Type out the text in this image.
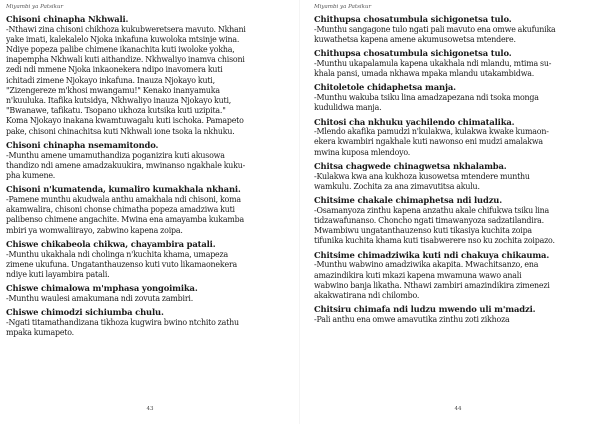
Miyambi ya Patsikur
Chisoni chinapha Nkhwali.
-Nthawi zina chisoni chikhoza kukubweretsera mavuto. Nkhani
yake imati, kalekalelo Njoka inkafuna kuwoloka mtsinje wina.
Ndiye popeza palibe chimene ikanachita kuti iwoloke yokha,
inapempha Nkhwali kuti aithandize. Nkhwaliyo inamva chisoni
zedi ndi mmene Njoka inkaonekera ndipo inavomera kuti
ichitadi zimene Njokayo inkafuna. Inauza Njokayo kuti,
"Zizengereze m'khosi mwangamu!" Kenako inanyamuka
n'kuuluka. Itafika kutsidya, Nkhwaliyo inauza Njokayo kuti,
"Bwanawe, tafikatu. Tsopano ukhoza kutsika kuti uzipita."
Koma Njokayo inakana kwamtuwagalu kuti ischoka. Pamapeto
pake, chisoni chinachitsa kuti Nkhwali ione tsoka la nkhuku.
Chisoni chinapha nsemamitondo.
-Munthu amene umamuthandiza poganizira kuti akusowa
thandizo ndi amene amadzakuukira, mwinanso ngakhale kuku-
pha kumene.
Chisoni n'kumatenda, kumaliro kumakhala nkhani.
-Pamene munthu akudwala anthu amakhala ndi chisoni, koma
akamwalira, chisoni chonse chimatha popeza amadziwa kuti
palibenso chimene angachite. Mwina ena amayamba kukamba
mbiri ya womwaliirayo, zabwino kapena zoipa.
Chiswe chikabeola chikwa, chayambira patali.
-Munthu ukakhala ndi cholinga n'kuchita khama, umapeza
zimene ukufuna. Ungatanthauzenso kuti vuto likamaonekera
ndiye kuti layambira patali.
Chiswe chimalowa m'mphasa yongoimika.
-Munthu waulesi amakumana ndi zovuta zambiri.
Chiswe chimodzi sichiumba chulu.
-Ngati titamathandizana tikhoza kugwira bwino ntchito zathu
mpaka kumapeto.
43
Miyambi ya Patsikur
Chithupsa chosatumbula sichigonetsa tulo.
-Munthu sangagone tulo ngati pali mavuto ena omwe akufunika
kuwathetsa kapena amene akumusowetsa mtendere.
Chithupsa chosatumbula sichigonetsa tulo.
-Munthu ukapalamula kapena ukakhala ndi mlandu, mtima su-
khala pansi, umada nkhawa mpaka mlandu utakambidwa.
Chitoletole chidaphetsa manja.
-Munthu wakuba tsiku lina amadzapezana ndi tsoka monga
kudulidwa manja.
Chitosi cha nkhuku yachilendo chimatalika.
-Mlendo akafika pamudzi n'kulakwa, kulakwa kwake kumaon-
ekera kwambiri ngakhale kuti nawonso eni mudzi amalakwa
mwina kuposa mlendoyo.
Chitsa chagwede chinagwetsa nkhalamba.
-Kulakwa kwa ana kukhoza kusowetsa mtendere munthu
wamkulu. Zochita za ana zimavutitsa akulu.
Chitsime chakale chimaphetsa ndi ludzu.
-Osamanyoza zinthu kapena anzathu akale chifukwa tsiku lina
tidzawafunanso. Choncho ngati timawanyoza sadzatilandira.
Mwambiwu ungatanthauzenso kuti tikasiya kuchita zoipa
tifunika kuchita khama kuti tisabwerere nso ku zochita zoipazo.
Chitsime chimadziwika kuti ndi chakuya chikauma.
-Munthu wabwino amadziwika akapita. Mwachitsanzo, ena
amazindikira kuti mkazi kapena mwamuna wawo anali
wabwino banja likatha. Nthawi zambiri amazindikira zimenezi
akakwatirana ndi chilombo.
Chitsiru chimafa ndi ludzu mwendo uli m'madzi.
-Pali anthu ena omwe amavutika zinthu zoti zikhoza
44
